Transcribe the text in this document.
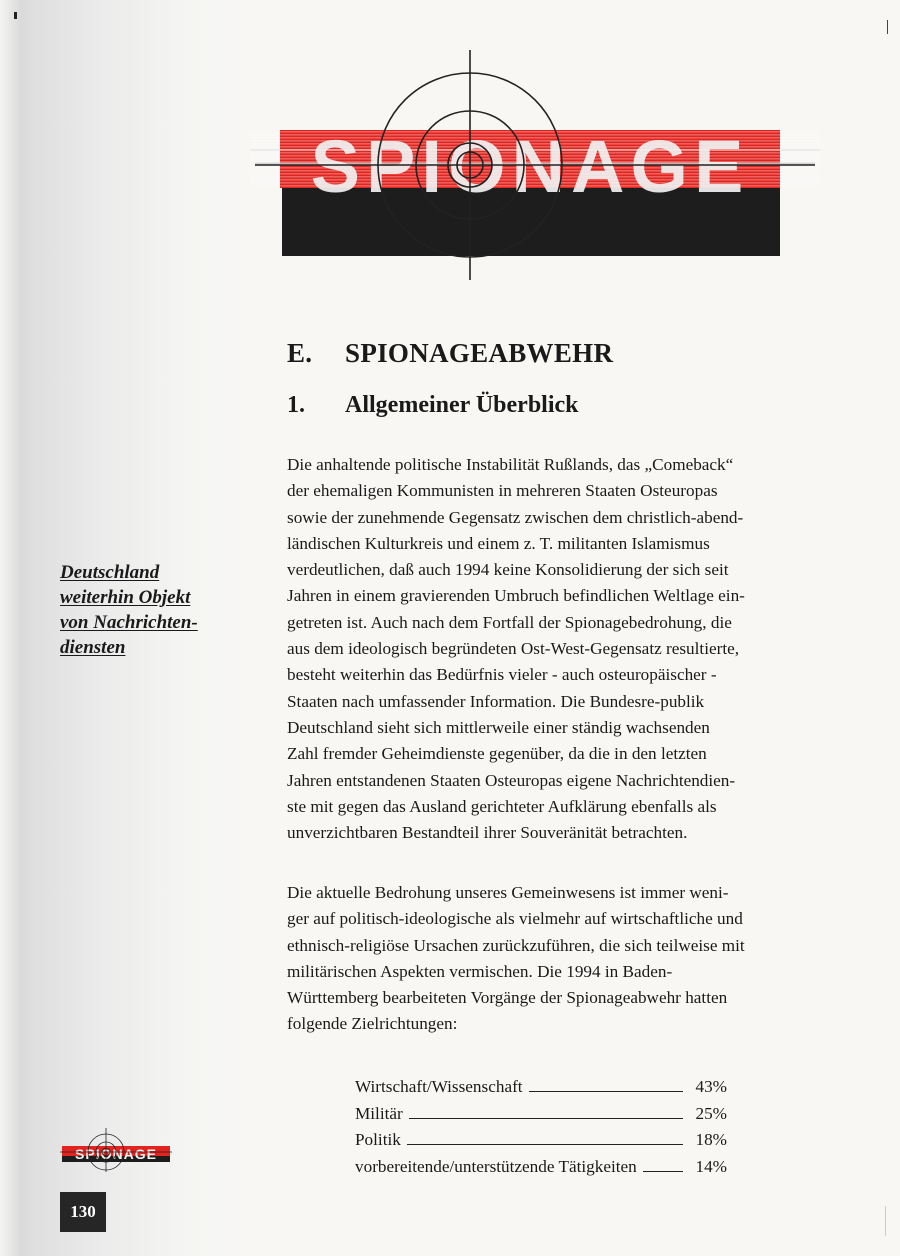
SPIONAGE
E. SPIONAGEABWEHR
1. Allgemeiner Überblick

Deutschland
weiterhin Objekt
von Nachrichten-
diensten

Die anhaltende politische Instabilität Rußlands, das „Comeback“
der ehemaligen Kommunisten in mehreren Staaten Osteuropas
sowie der zunehmende Gegensatz zwischen dem christlich-abend-
ländischen Kulturkreis und einem z. T. militanten Islamismus
verdeutlichen, daß auch 1994 keine Konsolidierung der sich seit
Jahren in einem gravierenden Umbruch befindlichen Weltlage ein-
getreten ist. Auch nach dem Fortfall der Spionagebedrohung, die
aus dem ideologisch begründeten Ost-West-Gegensatz resultierte,
besteht weiterhin das Bedürfnis vieler - auch osteuropäischer -
Staaten nach umfassender Information. Die Bundesre-publik
Deutschland sieht sich mittlerweile einer ständig wachsenden
Zahl fremder Geheimdienste gegenüber, da die in den letzten
Jahren entstandenen Staaten Osteuropas eigene Nachrichtendien-
ste mit gegen das Ausland gerichteter Aufklärung ebenfalls als
unverzichtbaren Bestandteil ihrer Souveränität betrachten.

Die aktuelle Bedrohung unseres Gemeinwesens ist immer weni-
ger auf politisch-ideologische als vielmehr auf wirtschaftliche und
ethnisch-religiöse Ursachen zurückzuführen, die sich teilweise mit
militärischen Aspekten vermischen. Die 1994 in Baden-
Württemberg bearbeiteten Vorgänge der Spionageabwehr hatten
folgende Zielrichtungen:

Wirtschaft/Wissenschaft	43%
Militär	25%
Politik	18%
vorbereitende/unterstützende Tätigkeiten	14%
SPIONAGE
130
